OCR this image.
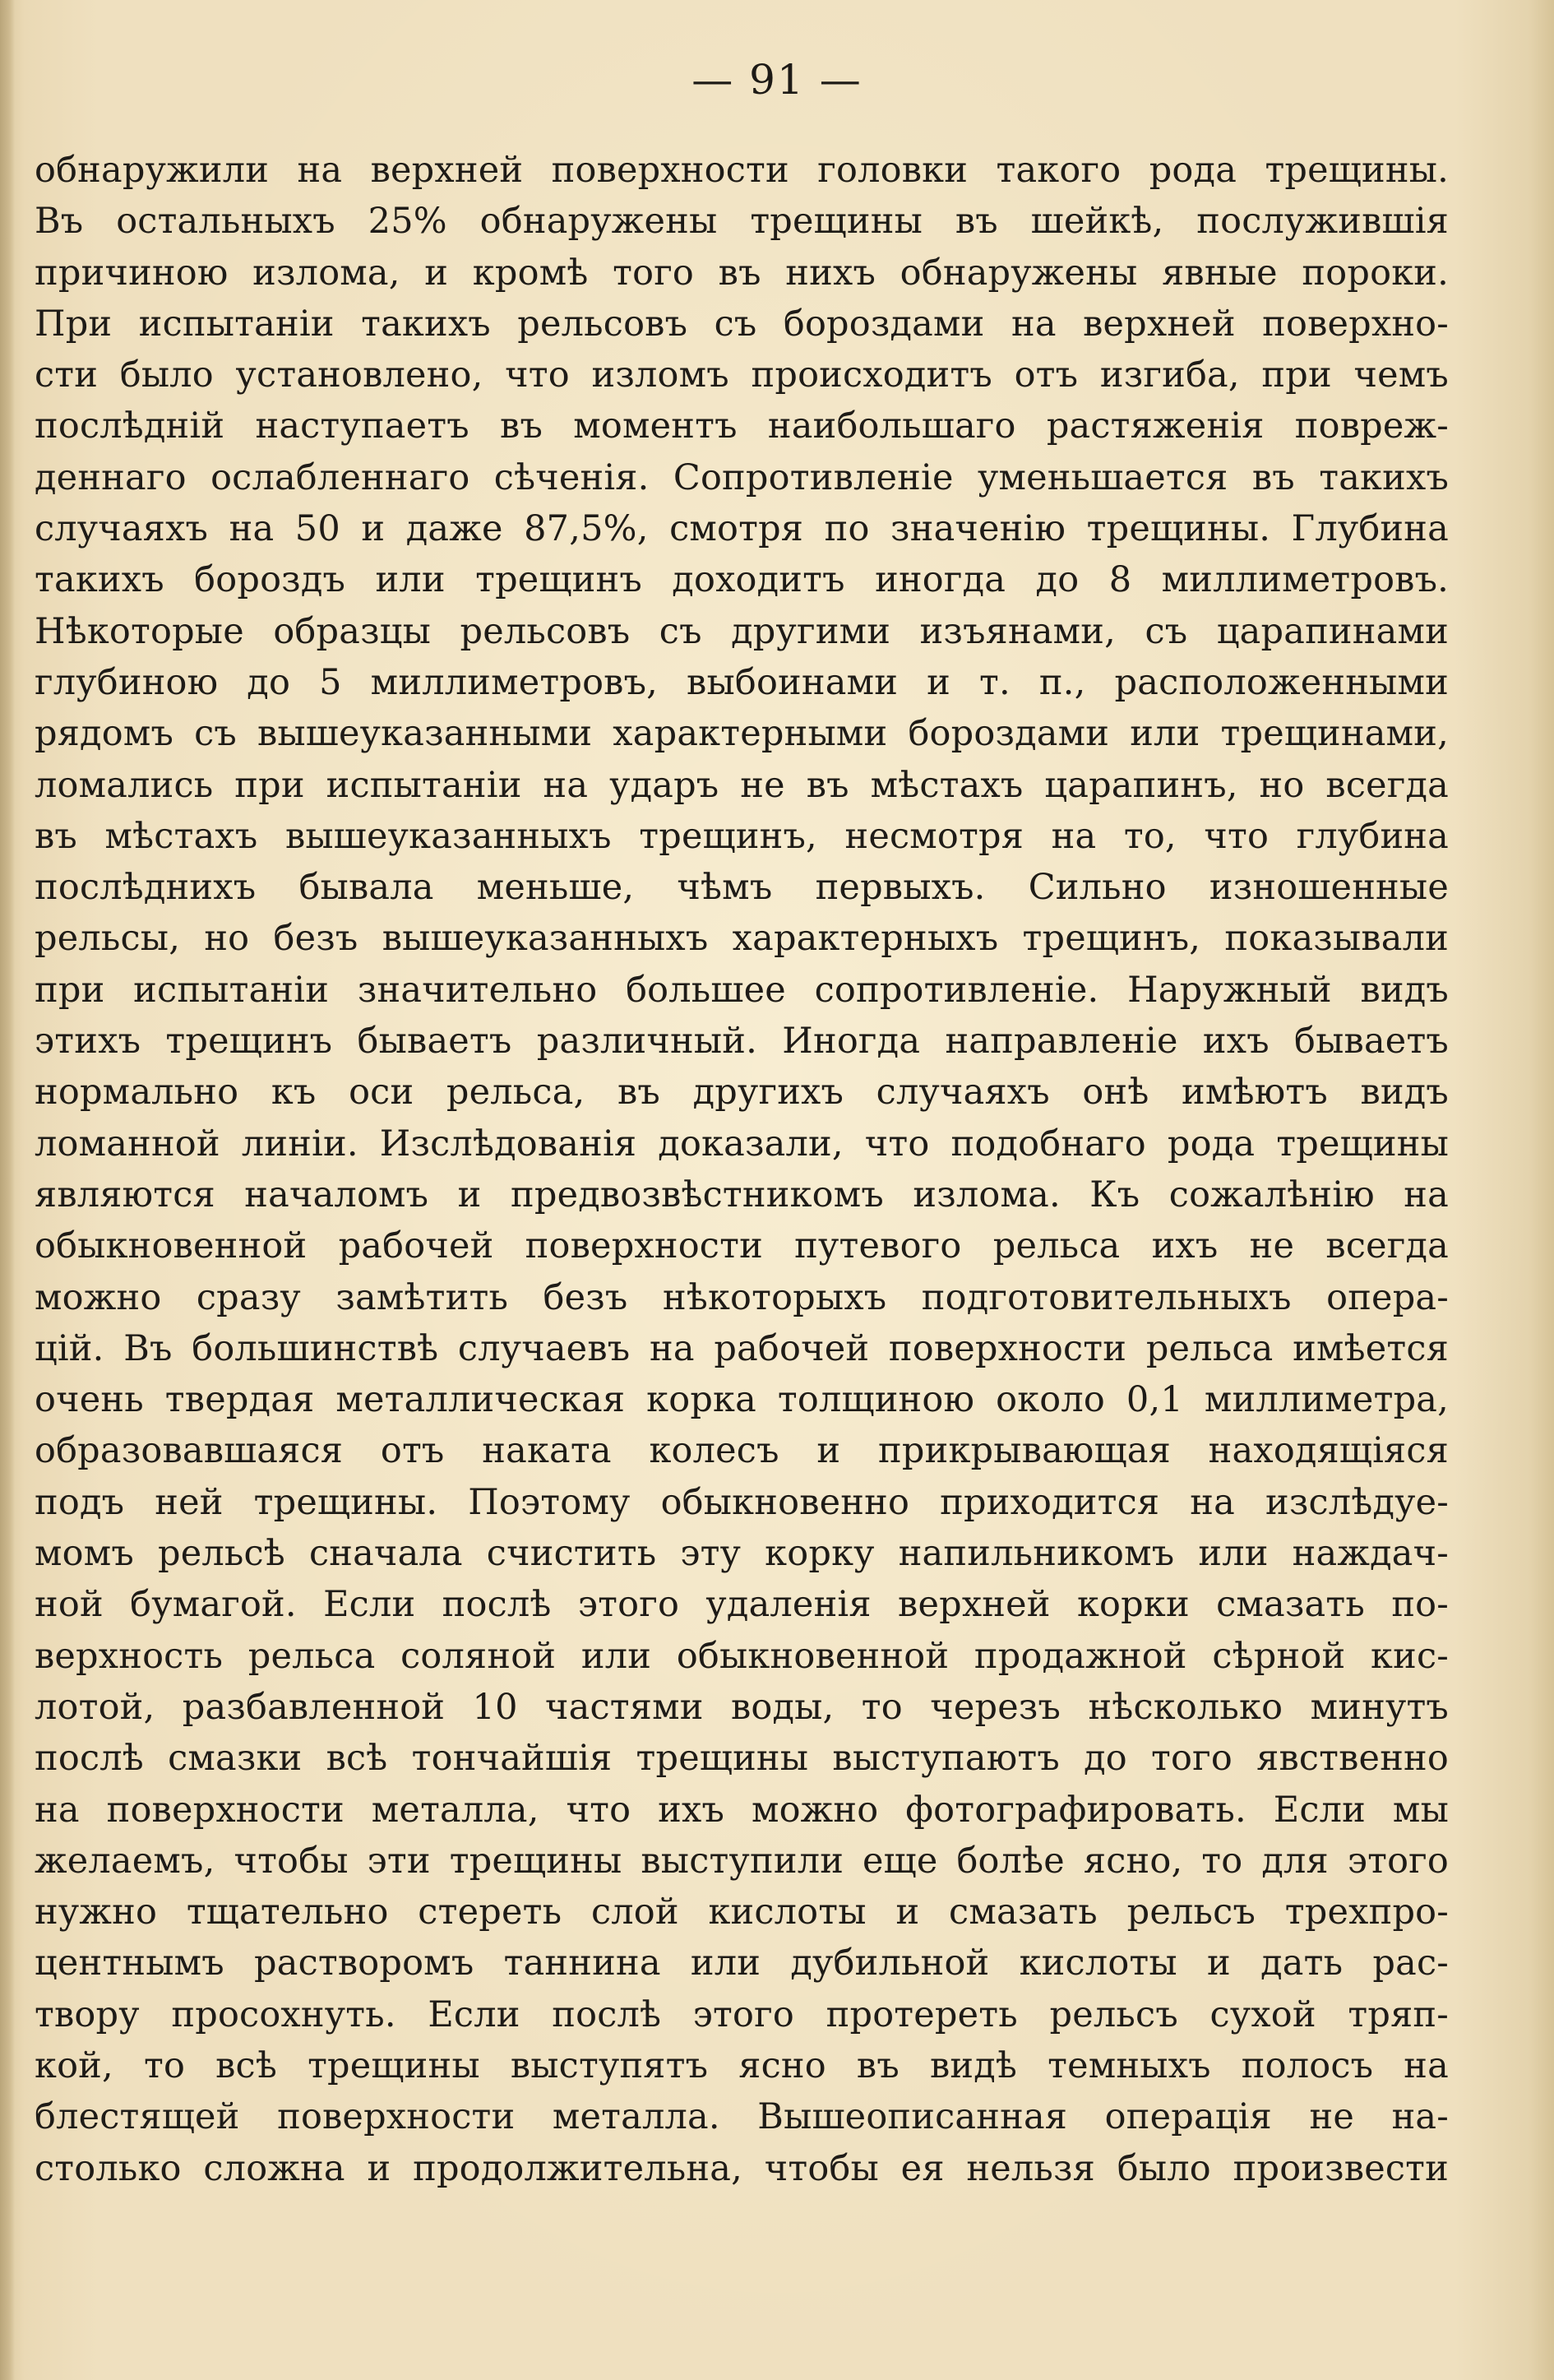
— 91 —
обнаружили на верхней поверхности головки такого рода трещины.
Въ остальныхъ 25% обнаружены трещины въ шейкѣ, послужившія
причиною излома, и кромѣ того въ нихъ обнаружены явные пороки.
При испытаніи такихъ рельсовъ съ бороздами на верхней поверхно-
сти было установлено, что изломъ происходитъ отъ изгиба, при чемъ
послѣдній наступаетъ въ моментъ наибольшаго растяженія повреж-
деннаго ослабленнаго сѣченія. Сопротивленіе уменьшается въ такихъ
случаяхъ на 50 и даже 87,5%, смотря по значенію трещины. Глубина
такихъ бороздъ или трещинъ доходитъ иногда до 8 миллиметровъ.
Нѣкоторые образцы рельсовъ съ другими изъянами, съ царапинами
глубиною до 5 миллиметровъ, выбоинами и т. п., расположенными
рядомъ съ вышеуказанными характерными бороздами или трещинами,
ломались при испытаніи на ударъ не въ мѣстахъ царапинъ, но всегда
въ мѣстахъ вышеуказанныхъ трещинъ, несмотря на то, что глубина
послѣднихъ бывала меньше, чѣмъ первыхъ. Сильно изношенные
рельсы, но безъ вышеуказанныхъ характерныхъ трещинъ, показывали
при испытаніи значительно большее сопротивленіе. Наружный видъ
этихъ трещинъ бываетъ различный. Иногда направленіе ихъ бываетъ
нормально къ оси рельса, въ другихъ случаяхъ онѣ имѣютъ видъ
ломанной линіи. Изслѣдованія доказали, что подобнаго рода трещины
являются началомъ и предвозвѣстникомъ излома. Къ сожалѣнію на
обыкновенной рабочей поверхности путевого рельса ихъ не всегда
можно сразу замѣтить безъ нѣкоторыхъ подготовительныхъ опера-
цій. Въ большинствѣ случаевъ на рабочей поверхности рельса имѣется
очень твердая металлическая корка толщиною около 0,1 миллиметра,
образовавшаяся отъ наката колесъ и прикрывающая находящіяся
подъ ней трещины. Поэтому обыкновенно приходится на изслѣдуе-
момъ рельсѣ сначала счистить эту корку напильникомъ или наждач-
ной бумагой. Если послѣ этого удаленія верхней корки смазать по-
верхность рельса соляной или обыкновенной продажной сѣрной кис-
лотой, разбавленной 10 частями воды, то черезъ нѣсколько минутъ
послѣ смазки всѣ тончайшія трещины выступаютъ до того явственно
на поверхности металла, что ихъ можно фотографировать. Если мы
желаемъ, чтобы эти трещины выступили еще болѣе ясно, то для этого
нужно тщательно стереть слой кислоты и смазать рельсъ трехпро-
центнымъ растворомъ таннина или дубильной кислоты и дать рас-
твору просохнуть. Если послѣ этого протереть рельсъ сухой тряп-
кой, то всѣ трещины выступятъ ясно въ видѣ темныхъ полосъ на
блестящей поверхности металла. Вышеописанная операція не на-
столько сложна и продолжительна, чтобы ея нельзя было произвести
